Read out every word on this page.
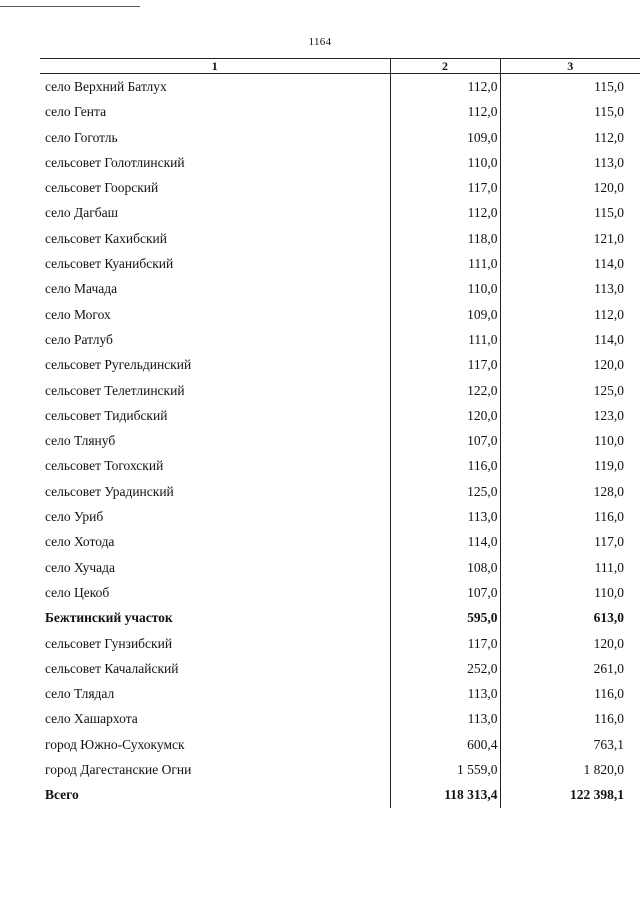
1164
1	2	3
село Верхний Батлух	112,0	115,0
село Гента	112,0	115,0
село Гоготль	109,0	112,0
сельсовет Голотлинский	110,0	113,0
сельсовет Гоорский	117,0	120,0
село Дагбаш	112,0	115,0
сельсовет Кахибский	118,0	121,0
сельсовет Куанибский	111,0	114,0
село Мачада	110,0	113,0
село Могох	109,0	112,0
село Ратлуб	111,0	114,0
сельсовет Ругельдинский	117,0	120,0
сельсовет Телетлинский	122,0	125,0
сельсовет Тидибский	120,0	123,0
село Тлянуб	107,0	110,0
сельсовет Тогохский	116,0	119,0
сельсовет Урадинский	125,0	128,0
село Уриб	113,0	116,0
село Хотода	114,0	117,0
село Хучада	108,0	111,0
село Цекоб	107,0	110,0
Бежтинский участок	595,0	613,0
сельсовет Гунзибский	117,0	120,0
сельсовет Качалайский	252,0	261,0
село Тлядал	113,0	116,0
село Хашархота	113,0	116,0
город Южно-Сухокумск	600,4	763,1
город Дагестанские Огни	1 559,0	1 820,0
Всего	118 313,4	122 398,1
